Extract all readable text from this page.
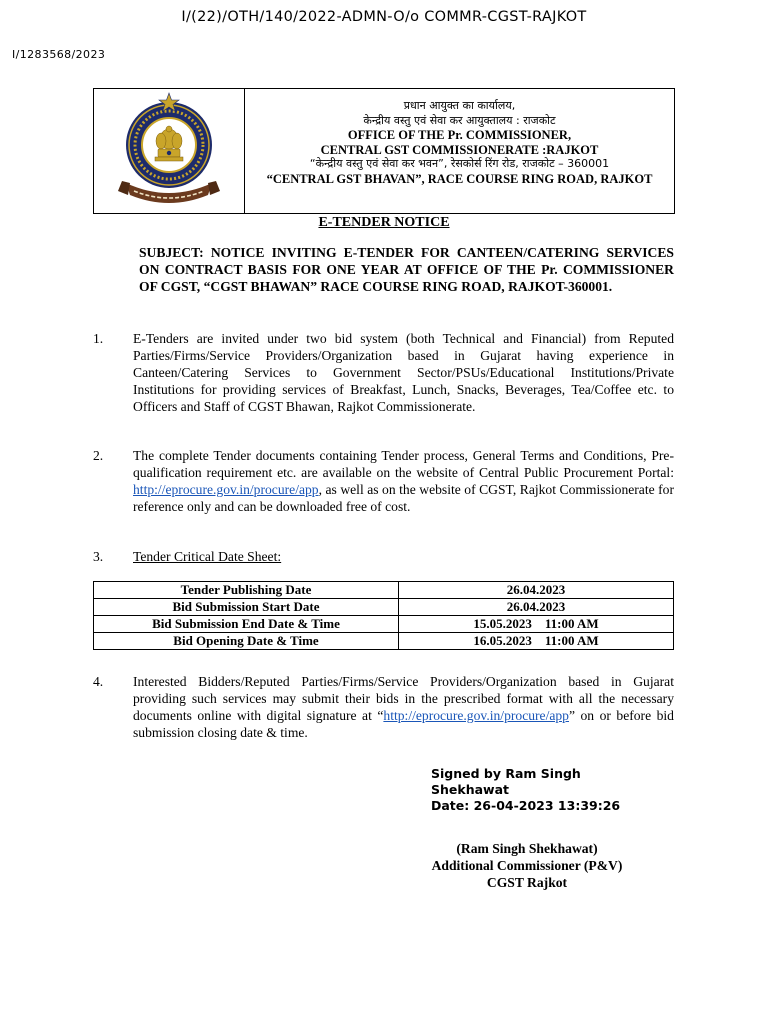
I/(22)/OTH/140/2022-ADMN-O/o COMMR-CGST-RAJKOT
I/1283568/2023
प्रधान आयुक्त का कार्यालय,
केन्द्रीय वस्तु एवं सेवा कर आयुक्तालय : राजकोट
OFFICE OF THE Pr. COMMISSIONER,
CENTRAL GST COMMISSIONERATE :RAJKOT
“केन्द्रीय वस्तु एवं सेवा कर भवन”, रेसकोर्स रिंग रोड, राजकोट – 360001
“CENTRAL GST BHAVAN”, RACE COURSE RING ROAD, RAJKOT
E-TENDER NOTICE
SUBJECT: NOTICE INVITING E-TENDER FOR CANTEEN/CATERING SERVICES ON CONTRACT BASIS FOR ONE YEAR AT OFFICE OF THE Pr. COMMISSIONER OF CGST, “CGST BHAWAN” RACE COURSE RING ROAD, RAJKOT-360001.
1.	E-Tenders are invited under two bid system (both Technical and Financial) from Reputed Parties/Firms/Service Providers/Organization based in Gujarat having experience in Canteen/Catering Services to Government Sector/PSUs/Educational Institutions/Private Institutions for providing services of Breakfast, Lunch, Snacks, Beverages, Tea/Coffee etc. to Officers and Staff of CGST Bhawan, Rajkot Commissionerate.
2.	The complete Tender documents containing Tender process, General Terms and Conditions, Pre-qualification requirement etc. are available on the website of Central Public Procurement Portal: http://eprocure.gov.in/procure/app, as well as on the website of CGST, Rajkot Commissionerate for reference only and can be downloaded free of cost.
3.	Tender Critical Date Sheet:
Tender Publishing Date	26.04.2023
Bid Submission Start Date	26.04.2023
Bid Submission End Date & Time	15.05.2023    11:00 AM
Bid Opening Date & Time	16.05.2023    11:00 AM
4.	Interested Bidders/Reputed Parties/Firms/Service Providers/Organization based in Gujarat providing such services may submit their bids in the prescribed format with all the necessary documents online with digital signature at “http://eprocure.gov.in/procure/app” on or before bid submission closing date & time.
Signed by Ram Singh
Shekhawat
Date: 26-04-2023 13:39:26
(Ram Singh Shekhawat)
Additional Commissioner (P&V)
CGST Rajkot
